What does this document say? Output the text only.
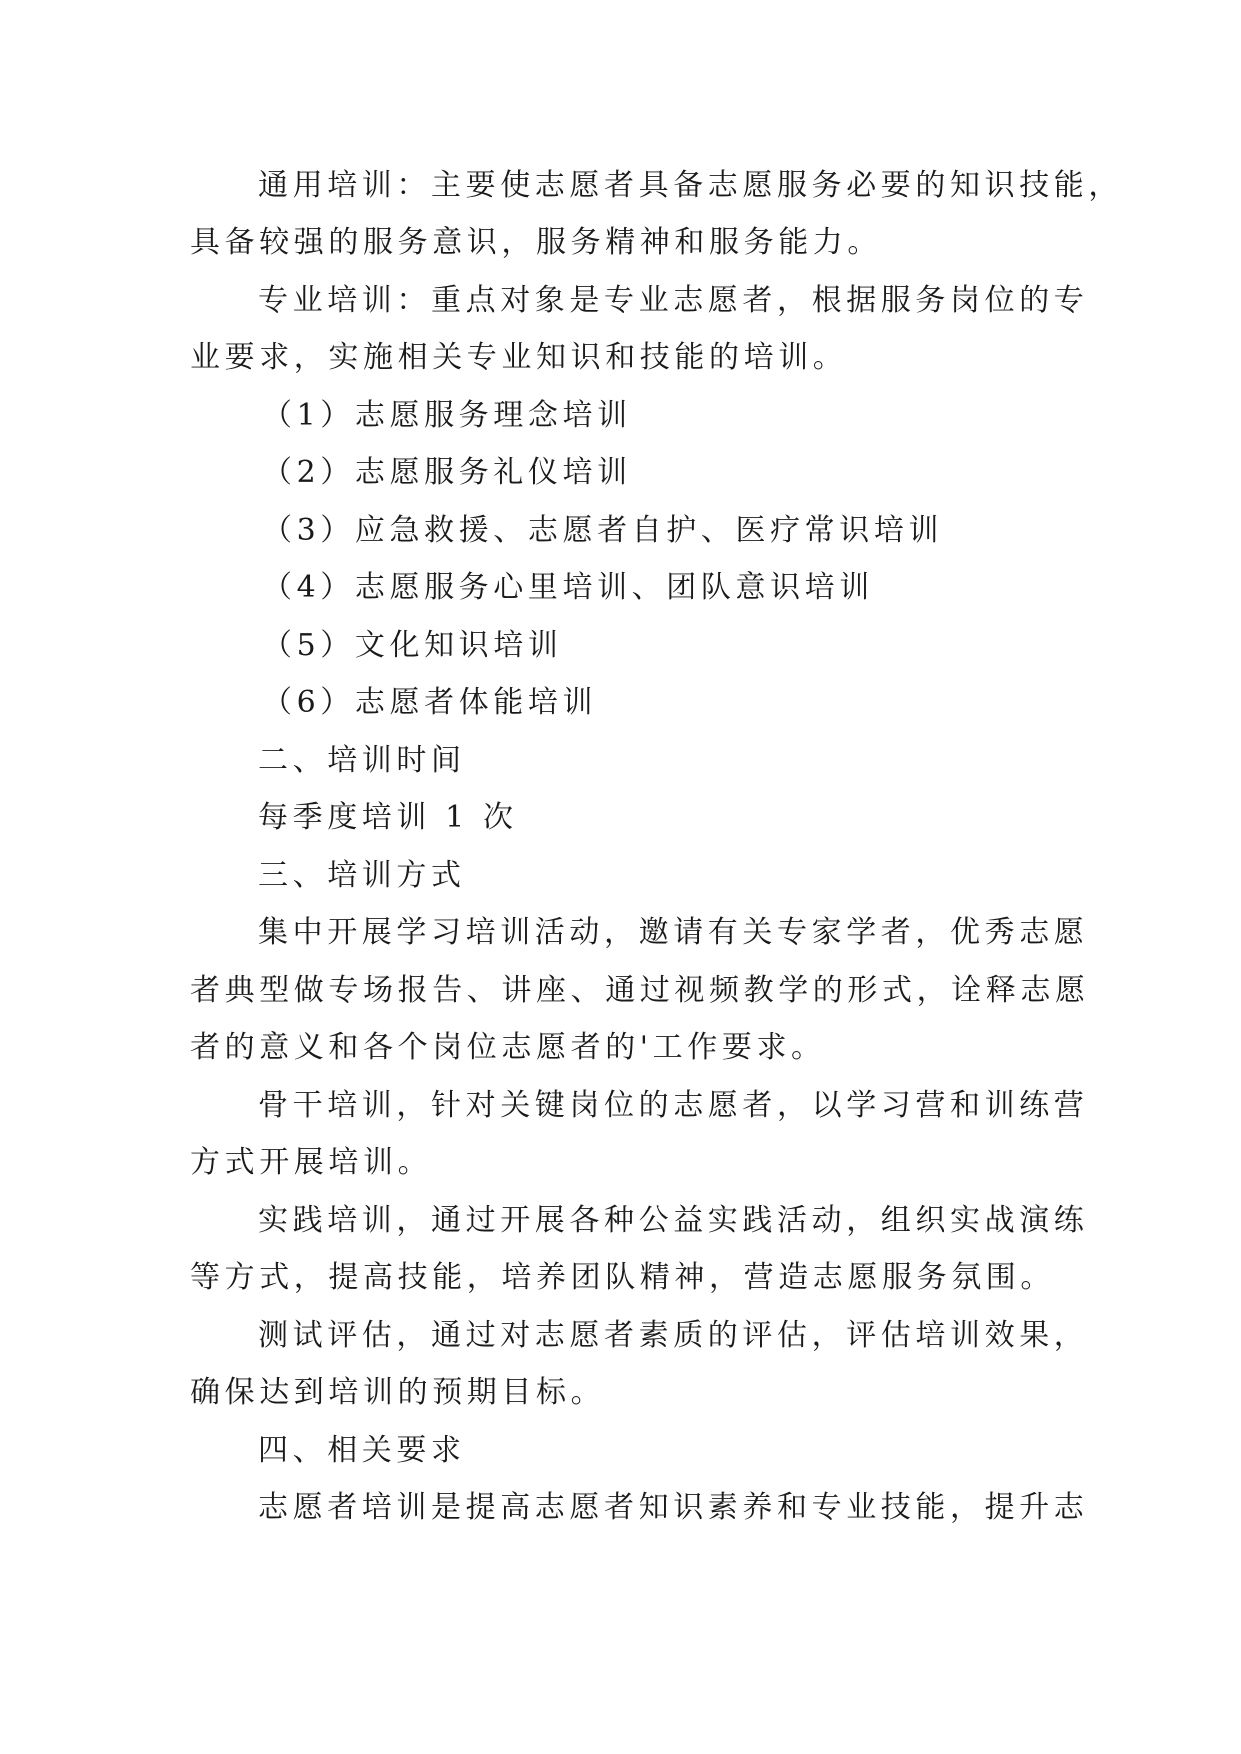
通用培训：主要使志愿者具备志愿服务必要的知识技能，

具备较强的服务意识，服务精神和服务能力。

专业培训：重点对象是专业志愿者，根据服务岗位的专

业要求，实施相关专业知识和技能的培训。

（1）志愿服务理念培训

（2）志愿服务礼仪培训

（3）应急救援、志愿者自护、医疗常识培训

（4）志愿服务心里培训、团队意识培训

（5）文化知识培训

（6）志愿者体能培训

二、培训时间

每季度培训 1 次

三、培训方式

集中开展学习培训活动，邀请有关专家学者，优秀志愿

者典型做专场报告、讲座、通过视频教学的形式，诠释志愿

者的意义和各个岗位志愿者的'工作要求。

骨干培训，针对关键岗位的志愿者，以学习营和训练营

方式开展培训。

实践培训，通过开展各种公益实践活动，组织实战演练

等方式，提高技能，培养团队精神，营造志愿服务氛围。

测试评估，通过对志愿者素质的评估，评估培训效果，

确保达到培训的预期目标。

四、相关要求

志愿者培训是提高志愿者知识素养和专业技能，提升志
